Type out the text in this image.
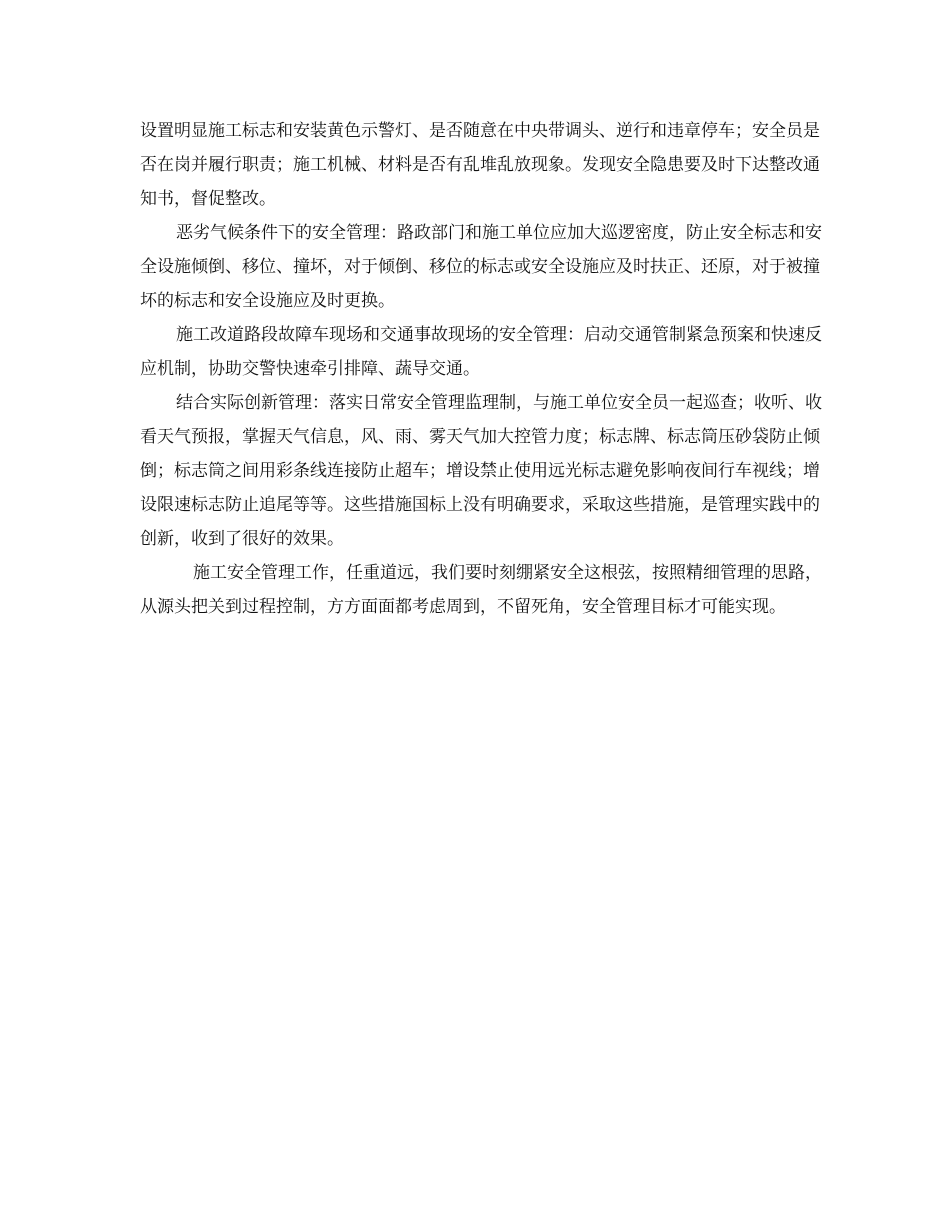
设置明显施工标志和安装黄色示警灯、是否随意在中央带调头、逆行和违章停车；安全员是否在岗并履行职责；施工机械、材料是否有乱堆乱放现象。发现安全隐患要及时下达整改通知书，督促整改。

恶劣气候条件下的安全管理：路政部门和施工单位应加大巡逻密度，防止安全标志和安全设施倾倒、移位、撞坏，对于倾倒、移位的标志或安全设施应及时扶正、还原，对于被撞坏的标志和安全设施应及时更换。

施工改道路段故障车现场和交通事故现场的安全管理：启动交通管制紧急预案和快速反应机制，协助交警快速牵引排障、蔬导交通。

结合实际创新管理：落实日常安全管理监理制，与施工单位安全员一起巡查；收听、收看天气预报，掌握天气信息，风、雨、雾天气加大控管力度；标志牌、标志筒压砂袋防止倾倒；标志筒之间用彩条线连接防止超车；增设禁止使用远光标志避免影响夜间行车视线；增设限速标志防止追尾等等。这些措施国标上没有明确要求，采取这些措施，是管理实践中的创新，收到了很好的效果。

施工安全管理工作，任重道远，我们要时刻绷紧安全这根弦，按照精细管理的思路，从源头把关到过程控制，方方面面都考虑周到，不留死角，安全管理目标才可能实现。
